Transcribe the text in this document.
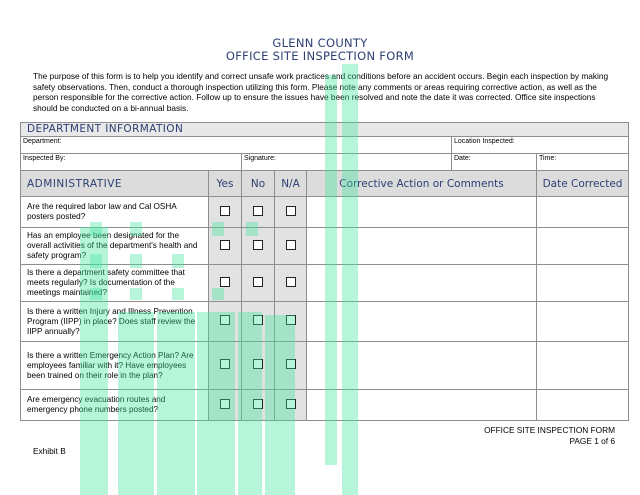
GLENN COUNTY
OFFICE SITE INSPECTION FORM
The purpose of this form is to help you identify and correct unsafe work practices and conditions before an accident occurs. Begin each inspection by making safety observations. Then, conduct a thorough inspection utilizing this form. Please note any comments or areas requiring corrective action, as well as the person responsible for the corrective action. Follow up to ensure the issues have been resolved and note the date it was corrected. Office site inspections should be conducted on a bi-annual basis.
DEPARTMENT INFORMATION						
Department:					Location Inspected:	
Inspected By:		Signature:			Date:	Time:
ADMINISTRATIVE	Yes	No	N/A	Corrective Action or Comments		Date Corrected
Are the required labor law and Cal OSHA posters posted?						
Has an employee been designated for the overall activities of the department's health and safety program?						
Is there a department safety committee that meets regularly? Is documentation of the meetings maintained?						
Is there a written Injury and Illness Prevention Program (IIPP) in place? Does staff review the IIPP annually?						
Is there a written Emergency Action Plan? Are employees familiar with it? Have employees been trained on their role in the plan?						
Are emergency evacuation routes and emergency phone numbers posted?						
OFFICE SITE INSPECTION FORM
PAGE 1 of 6
Exhibit B
